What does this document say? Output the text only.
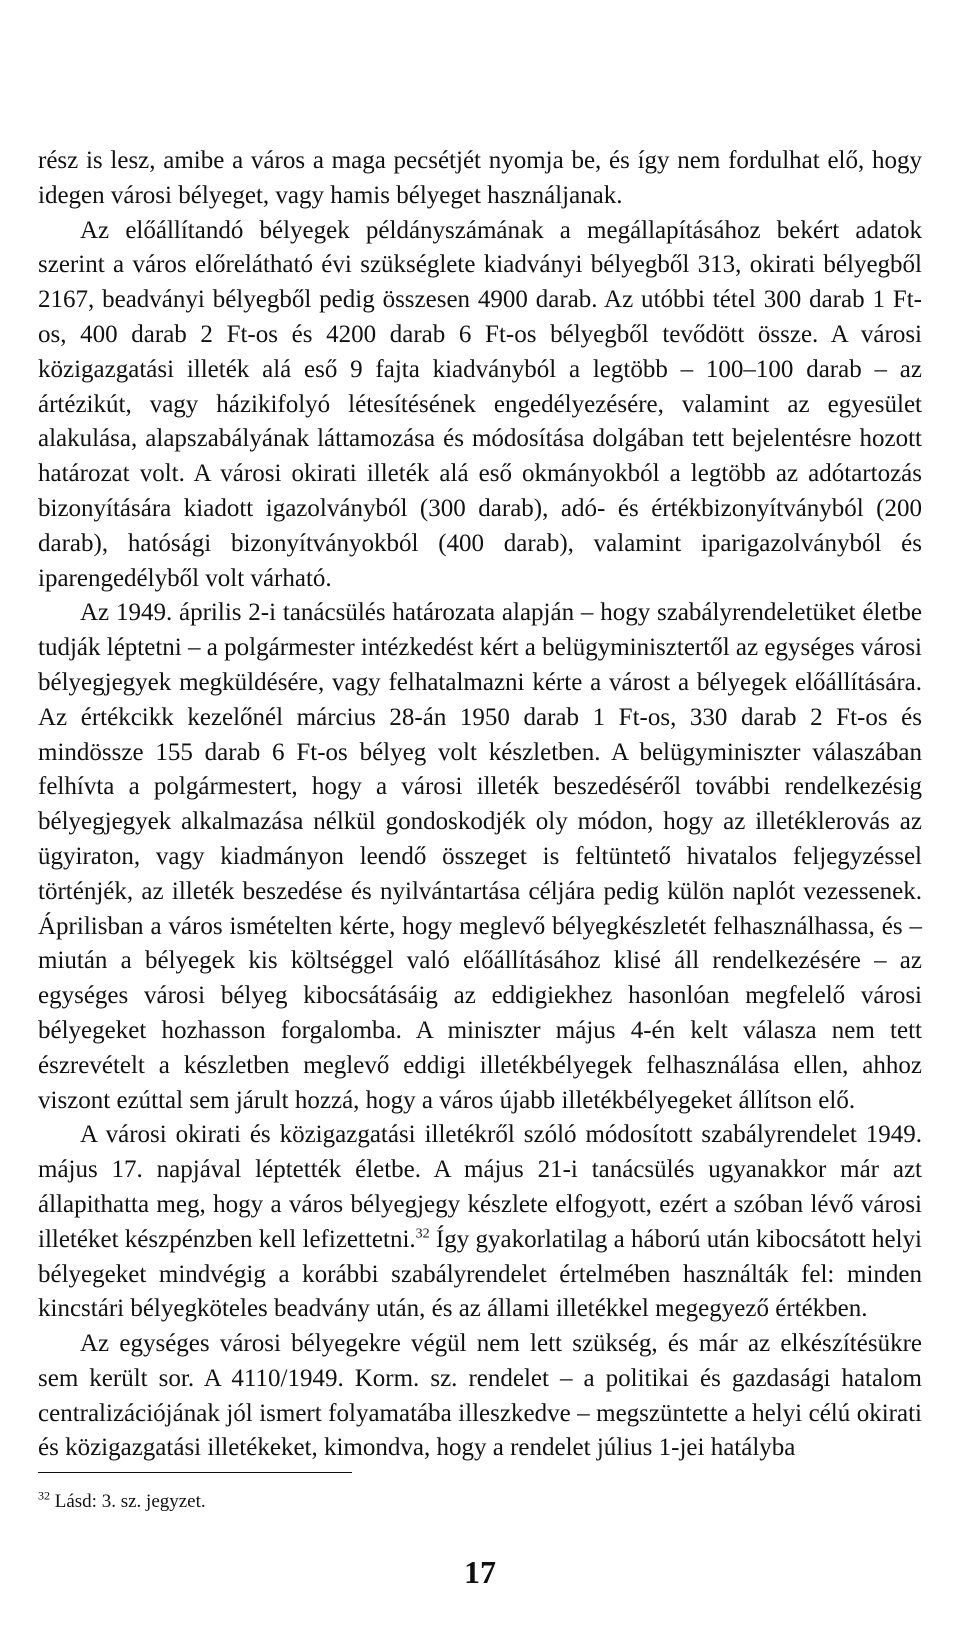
rész is lesz, amibe a város a maga pecsétjét nyomja be, és így nem fordulhat elő, hogy idegen városi bélyeget, vagy hamis bélyeget használjanak.

Az előállítandó bélyegek példányszámának a megállapításához bekért adatok szerint a város előrelátható évi szükséglete kiadványi bélyegből 313, okirati bélyegből 2167, beadványi bélyegből pedig összesen 4900 darab. Az utóbbi tétel 300 darab 1 Ft-os, 400 darab 2 Ft-os és 4200 darab 6 Ft-os bélyegből tevődött össze. A városi közigazgatási illeték alá eső 9 fajta kiadványból a legtöbb – 100–100 darab – az ártézikút, vagy házikifolyó létesítésének engedélyezésére, valamint az egyesület alakulása, alapszabályának láttamozása és módosítása dolgában tett bejelentésre hozott határozat volt. A városi okirati illeték alá eső okmányokból a legtöbb az adótartozás bizonyítására kiadott igazolványból (300 darab), adó- és értékbizonyítványból (200 darab), hatósági bizonyítványokból (400 darab), valamint iparigazolványból és iparengedélyből volt várható.

Az 1949. április 2-i tanácsülés határozata alapján – hogy szabályrendeletüket életbe tudják léptetni – a polgármester intézkedést kért a belügyminisztertől az egységes városi bélyegjegyek megküldésére, vagy felhatalmazni kérte a várost a bélyegek előállítására. Az értékcikk kezelőnél március 28-án 1950 darab 1 Ft-os, 330 darab 2 Ft-os és mindössze 155 darab 6 Ft-os bélyeg volt készletben. A belügyminiszter válaszában felhívta a polgármestert, hogy a városi illeték beszedéséről további rendelkezésig bélyegjegyek alkalmazása nélkül gondoskodjék oly módon, hogy az illetéklerovás az ügyiraton, vagy kiadmányon leendő összeget is feltüntető hivatalos feljegyzéssel történjék, az illeték beszedése és nyilvántartása céljára pedig külön naplót vezessenek. Áprilisban a város ismételten kérte, hogy meglevő bélyegkészletét felhasználhassa, és – miután a bélyegek kis költséggel való előállításához klisé áll rendelkezésére – az egységes városi bélyeg kibocsátásáig az eddigiekhez hasonlóan megfelelő városi bélyegeket hozhasson forgalomba. A miniszter május 4-én kelt válasza nem tett észrevételt a készletben meglevő eddigi illetékbélyegek felhasználása ellen, ahhoz viszont ezúttal sem járult hozzá, hogy a város újabb illetékbélyegeket állítson elő.

A városi okirati és közigazgatási illetékről szóló módosított szabályrendelet 1949. május 17. napjával léptették életbe. A május 21-i tanácsülés ugyanakkor már azt állapithatta meg, hogy a város bélyegjegy készlete elfogyott, ezért a szóban lévő városi illetéket készpénzben kell lefizettetni.$^{32}$ Így gyakorlatilag a háború után kibocsátott helyi bélyegeket mindvégig a korábbi szabályrendelet értelmében használták fel: minden kincstári bélyegköteles beadvány után, és az állami illetékkel megegyező értékben.

Az egységes városi bélyegekre végül nem lett szükség, és már az elkészítésükre sem került sor. A 4110/1949. Korm. sz. rendelet – a politikai és gazdasági hatalom centralizációjának jól ismert folyamatába illeszkedve – megszüntette a helyi célú okirati és közigazgatási illetékeket, kimondva, hogy a rendelet július 1-jei hatályba

$^{32}$ Lásd: 3. sz. jegyzet.
17
